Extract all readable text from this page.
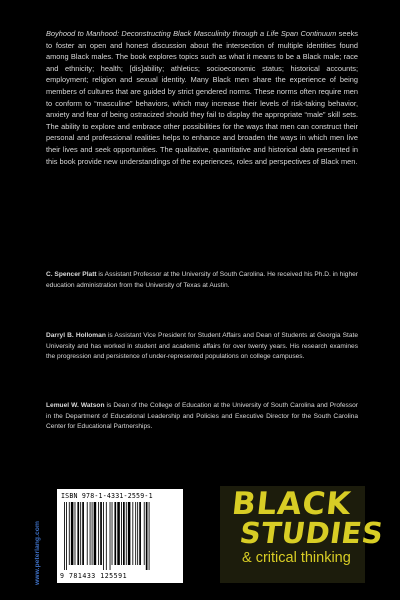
Boyhood to Manhood: Deconstructing Black Masculinity through a Life Span Continuum seeks to foster an open and honest discussion about the intersection of multiple identities found among Black males. The book explores topics such as what it means to be a Black male; race and ethnicity; health; [dis]ability; athletics; socioeconomic status; historical accounts; employment; religion and sexual identity. Many Black men share the experience of being members of cultures that are guided by strict gendered norms. These norms often require men to conform to “masculine” behaviors, which may increase their levels of risk-taking behavior, anxiety and fear of being ostracized should they fail to display the appropriate “male” skill sets. The ability to explore and embrace other possibilities for the ways that men can construct their personal and professional realities helps to enhance and broaden the ways in which men live their lives and seek opportunities. The qualitative, quantitative and historical data presented in this book provide new understandings of the experiences, roles and perspectives of Black men.

C. Spencer Platt is Assistant Professor at the University of South Carolina. He received his Ph.D. in higher education administration from the University of Texas at Austin.

Darryl B. Holloman is Assistant Vice President for Student Affairs and Dean of Students at Georgia State University and has worked in student and academic affairs for over twenty years. His research examines the progression and persistence of under-represented populations on college campuses.

Lemuel W. Watson is Dean of the College of Education at the University of South Carolina and Professor in the Department of Educational Leadership and Policies and Executive Director for the South Carolina Center for Educational Partnerships.

www.peterlang.com
ISBN 978-1-4331-2559-1
9 781433 125591
BLACK
STUDIES
& critical thinking
